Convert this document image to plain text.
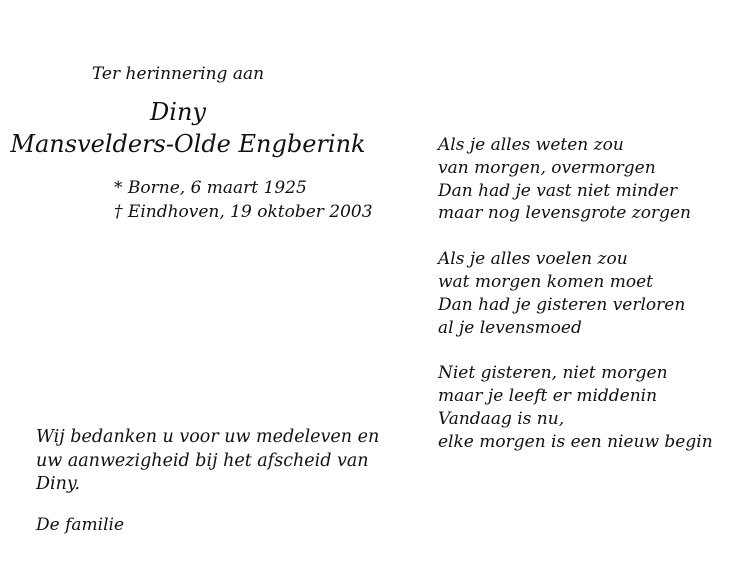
Ter herinnering aan
Diny
Mansvelders-Olde Engberink
* Borne, 6 maart 1925
† Eindhoven, 19 oktober 2003
Als je alles weten zou
van morgen, overmorgen
Dan had je vast niet minder
maar nog levensgrote zorgen
Als je alles voelen zou
wat morgen komen moet
Dan had je gisteren verloren
al je levensmoed
Niet gisteren, niet morgen
maar je leeft er middenin
Vandaag is nu,
elke morgen is een nieuw begin
Wij bedanken u voor uw medeleven en
uw aanwezigheid bij het afscheid van
Diny.
De familie
